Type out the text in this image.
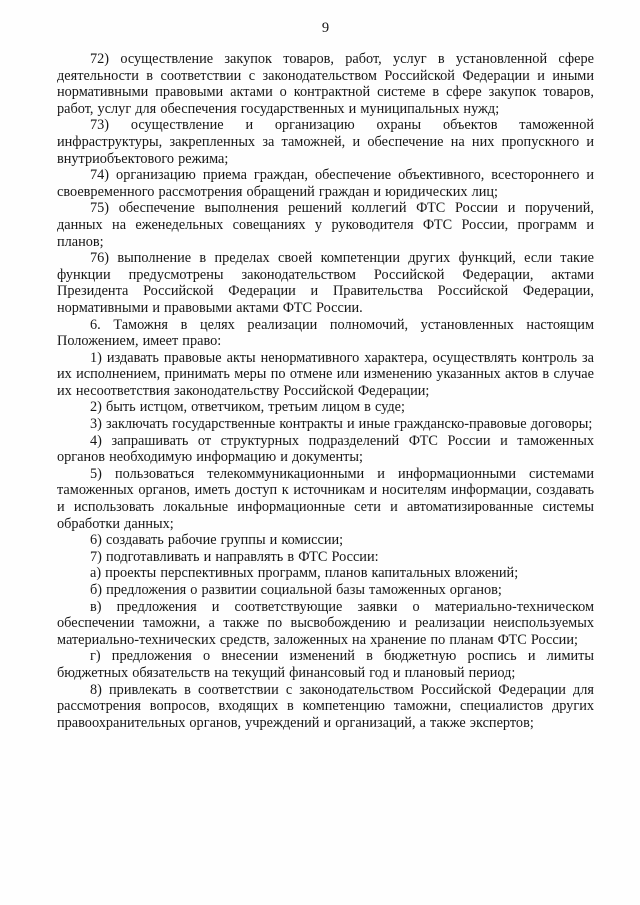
9

72) осуществление закупок товаров, работ, услуг в установленной сфере деятельности в соответствии с законодательством Российской Федерации и иными нормативными правовыми актами о контрактной системе в сфере закупок товаров, работ, услуг для обеспечения государственных и муниципальных нужд;

73) осуществление и организацию охраны объектов таможенной инфраструктуры, закрепленных за таможней, и обеспечение на них пропускного и внутриобъектового режима;

74) организацию приема граждан, обеспечение объективного, всестороннего и своевременного рассмотрения обращений граждан и юридических лиц;

75) обеспечение выполнения решений коллегий ФТС России и поручений, данных на еженедельных совещаниях у руководителя ФТС России, программ и планов;

76) выполнение в пределах своей компетенции других функций, если такие функции предусмотрены законодательством Российской Федерации, актами Президента Российской Федерации и Правительства Российской Федерации, нормативными и правовыми актами ФТС России.

6. Таможня в целях реализации полномочий, установленных настоящим Положением, имеет право:

1) издавать правовые акты ненормативного характера, осуществлять контроль за их исполнением, принимать меры по отмене или изменению указанных актов в случае их несоответствия законодательству Российской Федерации;

2) быть истцом, ответчиком, третьим лицом в суде;

3) заключать государственные контракты и иные гражданско-правовые договоры;

4) запрашивать от структурных подразделений ФТС России и таможенных органов необходимую информацию и документы;

5) пользоваться телекоммуникационными и информационными системами таможенных органов, иметь доступ к источникам и носителям информации, создавать и использовать локальные информационные сети и автоматизированные системы обработки данных;

6) создавать рабочие группы и комиссии;

7) подготавливать и направлять в ФТС России:

а) проекты перспективных программ, планов капитальных вложений;

б) предложения о развитии социальной базы таможенных органов;

в) предложения и соответствующие заявки о материально-техническом обеспечении таможни, а также по высвобождению и реализации неиспользуемых материально-технических средств, заложенных на хранение по планам ФТС России;

г) предложения о внесении изменений в бюджетную роспись и лимиты бюджетных обязательств на текущий финансовый год и плановый период;

8) привлекать в соответствии с законодательством Российской Федерации для рассмотрения вопросов, входящих в компетенцию таможни, специалистов других правоохранительных органов, учреждений и организаций, а также экспертов;
